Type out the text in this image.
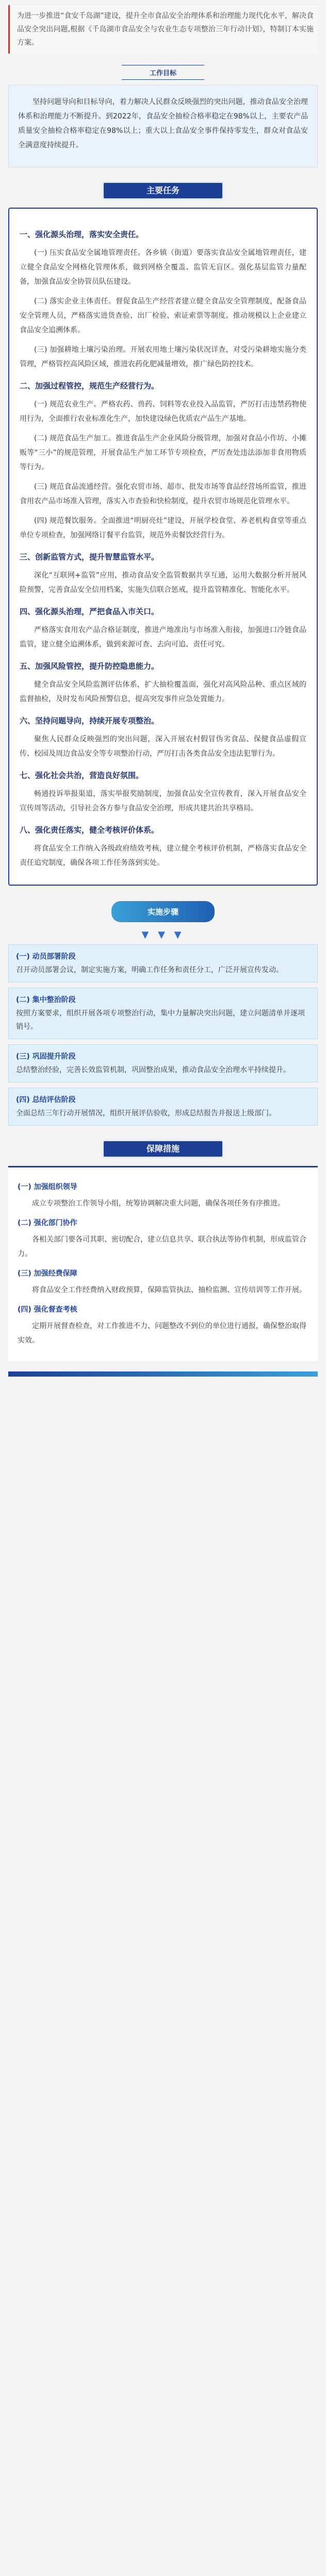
为进一步推进“食安千岛湖”建设，提升全市食品安全治理体系和治理能力现代化水平，解决食品安全突出问题,根据《千岛湖市食品安全与农业生态专项整治三年行动计划》，特制订本实施方案。
工作目标
坚持问题导向和目标导向，着力解决人民群众反映强烈的突出问题，推动食品安全治理体系和治理能力不断提升。到2022年，食品安全抽检合格率稳定在98%以上，主要农产品质量安全抽检合格率稳定在98%以上；重大以上食品安全事件保持零发生，群众对食品安全满意度持续提升。
主要任务
一、强化源头治理，落实安全责任。
(一) 压实食品安全属地管理责任。各乡镇（街道）要落实食品安全属地管理责任，建立健全食品安全网格化管理体系，做到网格全覆盖、监管无盲区。强化基层监管力量配备，加强食品安全协管员队伍建设。
(二) 落实企业主体责任。督促食品生产经营者建立健全食品安全管理制度，配备食品安全管理人员，严格落实进货查验、出厂检验、索证索票等制度。推动规模以上企业建立食品安全追溯体系。
(三) 加强耕地土壤污染治理。开展农用地土壤污染状况详查，对受污染耕地实施分类管理，严格管控高风险区域，推进农药化肥减量增效，推广绿色防控技术。
二、加强过程管控，规范生产经营行为。
(一) 规范农业生产。严格农药、兽药、饲料等农业投入品监管，严厉打击违禁药物使用行为，全面推行农业标准化生产，加快建设绿色优质农产品生产基地。
(二) 规范食品生产加工。推进食品生产企业风险分级管理，加强对食品小作坊、小摊贩等“三小”的规范管理，开展食品生产加工环节专项检查，严厉查处违法添加非食用物质等行为。
(三) 规范食品流通经营。强化农贸市场、超市、批发市场等食品经营场所监管，推进食用农产品市场准入管理，落实入市查验和快检制度，提升农贸市场规范化管理水平。
(四) 规范餐饮服务。全面推进“明厨亮灶”建设，开展学校食堂、养老机构食堂等重点单位专项检查，加强网络订餐平台监管，规范外卖餐饮经营行为。
三、创新监管方式，提升智慧监管水平。
深化“互联网+监管”应用，推动食品安全监管数据共享互通，运用大数据分析开展风险预警，完善食品安全信用档案，实施失信联合惩戒，提升监管精准化、智能化水平。
四、强化源头治理，严把食品入市关口。
严格落实食用农产品合格证制度，推进产地准出与市场准入衔接，加强进口冷链食品监管，建立健全追溯体系，做到来源可查、去向可追、责任可究。
五、加强风险管控，提升防控隐患能力。
健全食品安全风险监测评估体系，扩大抽检覆盖面，强化对高风险品种、重点区域的监督抽检，及时发布风险预警信息，提高突发事件应急处置能力。
六、坚持问题导向，持续开展专项整治。
聚焦人民群众反映强烈的突出问题，深入开展农村假冒伪劣食品、保健食品虚假宣传、校园及周边食品安全等专项整治行动，严厉打击各类食品安全违法犯罪行为。
七、强化社会共治，营造良好氛围。
畅通投诉举报渠道，落实举报奖励制度，加强食品安全宣传教育，深入开展食品安全宣传周等活动，引导社会各方参与食品安全治理，形成共建共治共享格局。
八、强化责任落实，健全考核评价体系。
将食品安全工作纳入各级政府绩效考核，建立健全考核评价机制，严格落实食品安全责任追究制度，确保各项工作任务落到实处。
实施步骤
▼ ▼ ▼
(一) 动员部署阶段
召开动员部署会议，制定实施方案，明确工作任务和责任分工，广泛开展宣传发动。
(二) 集中整治阶段
按照方案要求，组织开展各项专项整治行动，集中力量解决突出问题，建立问题清单并逐项销号。
(三) 巩固提升阶段
总结整治经验，完善长效监管机制，巩固整治成果，推动食品安全治理水平持续提升。
(四) 总结评估阶段
全面总结三年行动开展情况，组织开展评估验收，形成总结报告并报送上级部门。
保障措施
(一) 加强组织领导
成立专项整治工作领导小组，统筹协调解决重大问题，确保各项任务有序推进。
(二) 强化部门协作
各相关部门要各司其职、密切配合，建立信息共享、联合执法等协作机制，形成监管合力。
(三) 加强经费保障
将食品安全工作经费纳入财政预算，保障监管执法、抽检监测、宣传培训等工作开展。
(四) 强化督查考核
定期开展督查检查，对工作推进不力、问题整改不到位的单位进行通报，确保整治取得实效。
